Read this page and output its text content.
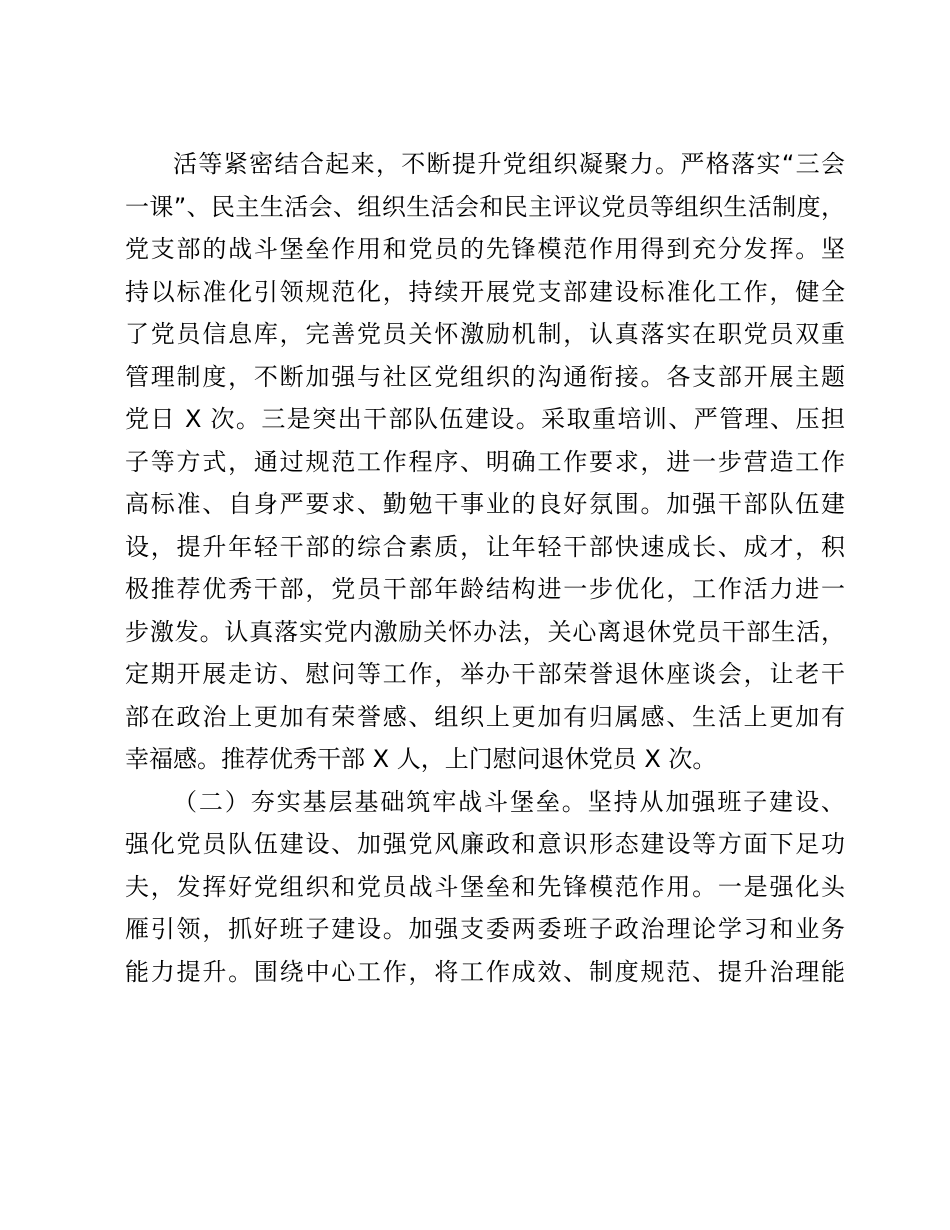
活等紧密结合起来，不断提升党组织凝聚力。严格落实“三会
一课”、民主生活会、组织生活会和民主评议党员等组织生活制度，
党支部的战斗堡垒作用和党员的先锋模范作用得到充分发挥。坚
持以标准化引领规范化，持续开展党支部建设标准化工作，健全
了党员信息库，完善党员关怀激励机制，认真落实在职党员双重
管理制度，不断加强与社区党组织的沟通衔接。各支部开展主题
党日 X 次。三是突出干部队伍建设。采取重培训、严管理、压担
子等方式，通过规范工作程序、明确工作要求，进一步营造工作
高标准、自身严要求、勤勉干事业的良好氛围。加强干部队伍建
设，提升年轻干部的综合素质，让年轻干部快速成长、成才，积
极推荐优秀干部，党员干部年龄结构进一步优化，工作活力进一
步激发。认真落实党内激励关怀办法，关心离退休党员干部生活，
定期开展走访、慰问等工作，举办干部荣誉退休座谈会，让老干
部在政治上更加有荣誉感、组织上更加有归属感、生活上更加有
幸福感。推荐优秀干部 X 人，上门慰问退休党员 X 次。
（二）夯实基层基础筑牢战斗堡垒。坚持从加强班子建设、
强化党员队伍建设、加强党风廉政和意识形态建设等方面下足功
夫，发挥好党组织和党员战斗堡垒和先锋模范作用。一是强化头
雁引领，抓好班子建设。加强支委两委班子政治理论学习和业务
能力提升。围绕中心工作，将工作成效、制度规范、提升治理能
